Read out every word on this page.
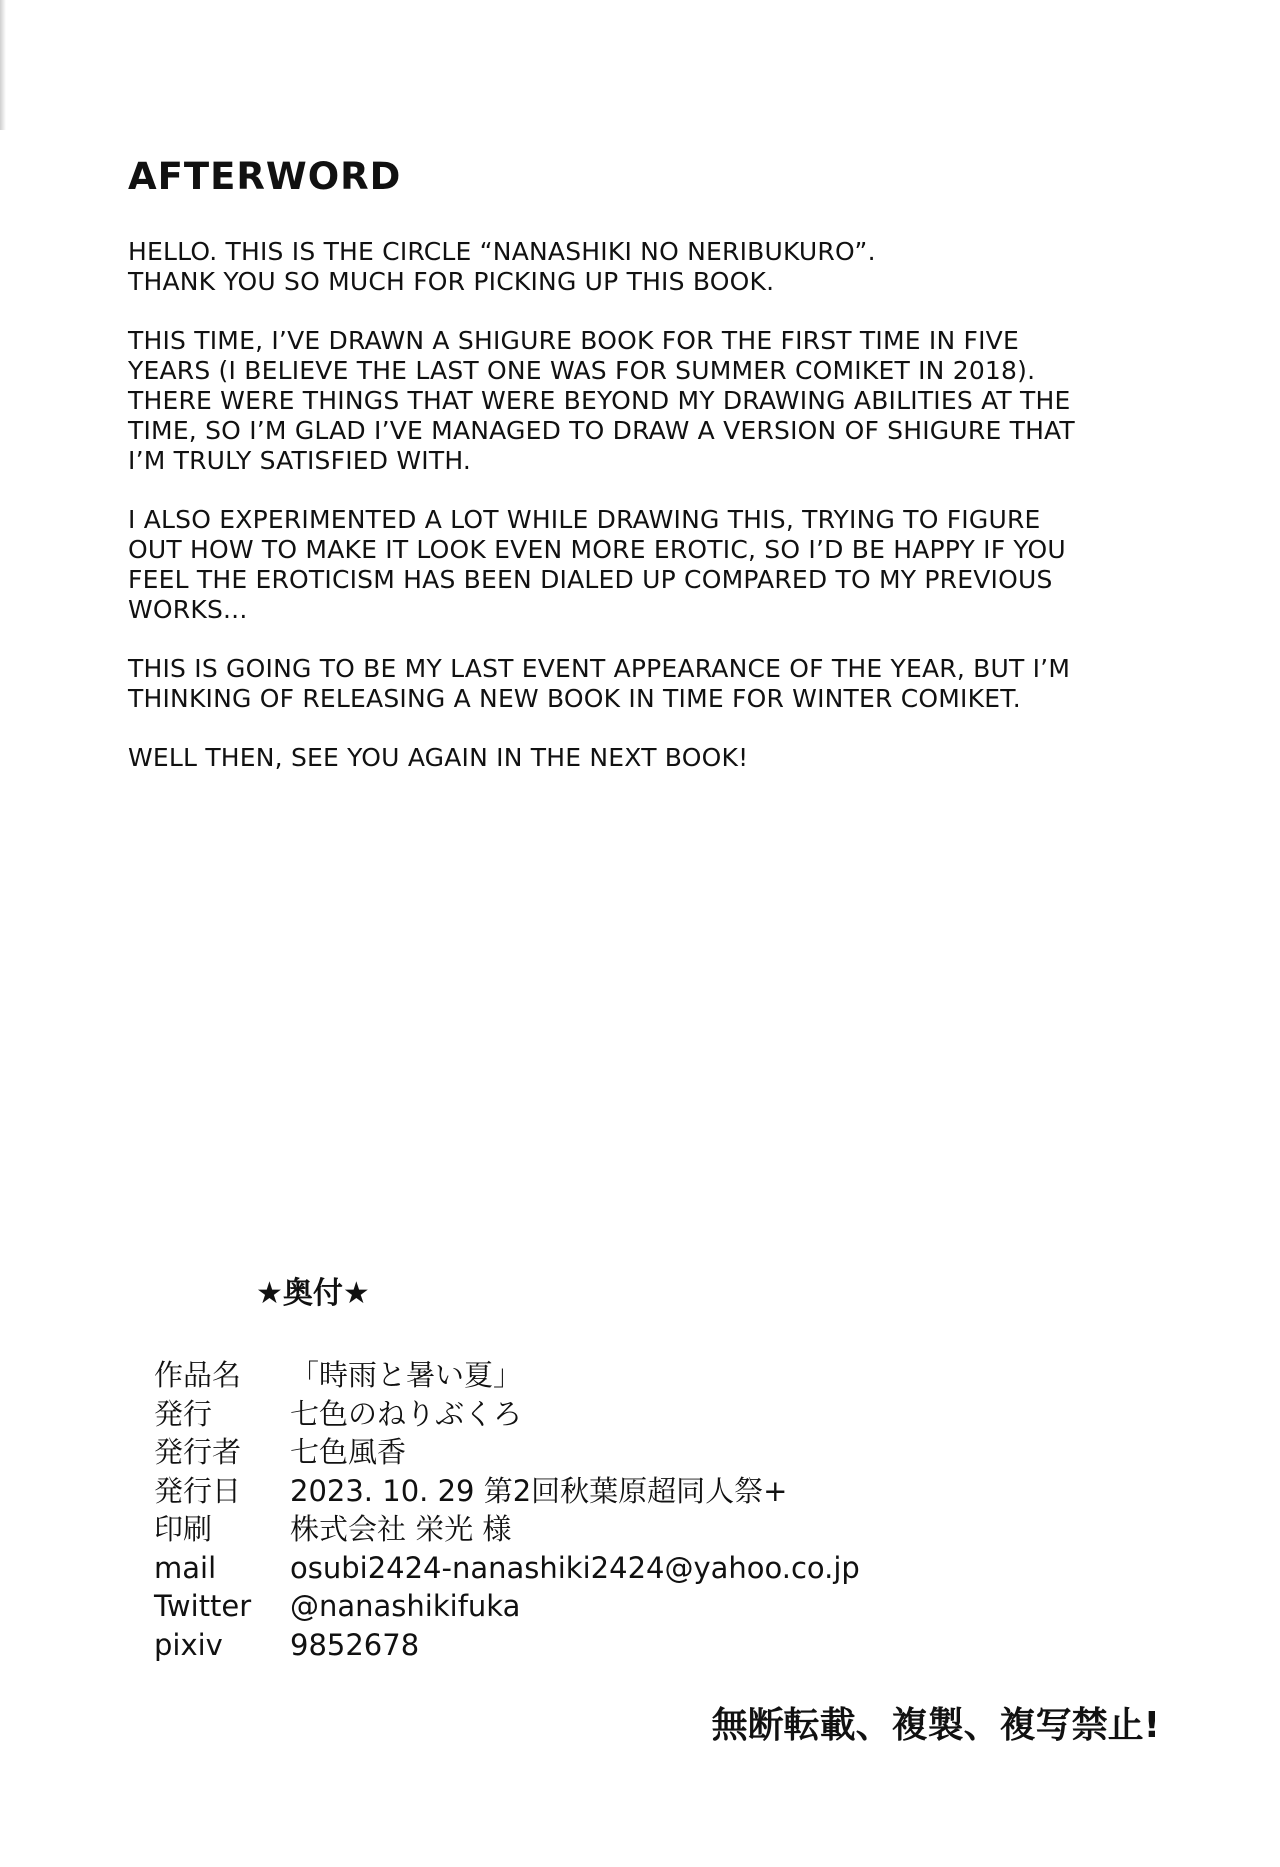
AFTERWORD

HELLO. THIS IS THE CIRCLE “NANASHIKI NO NERIBUKURO”.
THANK YOU SO MUCH FOR PICKING UP THIS BOOK.

THIS TIME, I’VE DRAWN A SHIGURE BOOK FOR THE FIRST TIME IN FIVE
YEARS (I BELIEVE THE LAST ONE WAS FOR SUMMER COMIKET IN 2018).
THERE WERE THINGS THAT WERE BEYOND MY DRAWING ABILITIES AT THE
TIME, SO I’M GLAD I’VE MANAGED TO DRAW A VERSION OF SHIGURE THAT
I’M TRULY SATISFIED WITH.

I ALSO EXPERIMENTED A LOT WHILE DRAWING THIS, TRYING TO FIGURE
OUT HOW TO MAKE IT LOOK EVEN MORE EROTIC, SO I’D BE HAPPY IF YOU
FEEL THE EROTICISM HAS BEEN DIALED UP COMPARED TO MY PREVIOUS
WORKS...

THIS IS GOING TO BE MY LAST EVENT APPEARANCE OF THE YEAR, BUT I’M
THINKING OF RELEASING A NEW BOOK IN TIME FOR WINTER COMIKET.

WELL THEN, SEE YOU AGAIN IN THE NEXT BOOK!

★奥付★
作品名	「時雨と暑い夏」
発行	七色のねりぶくろ
発行者	七色風香
発行日	2023. 10. 29 第2回秋葉原超同人祭+
印刷	株式会社 栄光 様
mail	osubi2424-nanashiki2424@yahoo.co.jp
Twitter	@nanashikifuka
pixiv	9852678
無断転載、複製、複写禁止!
